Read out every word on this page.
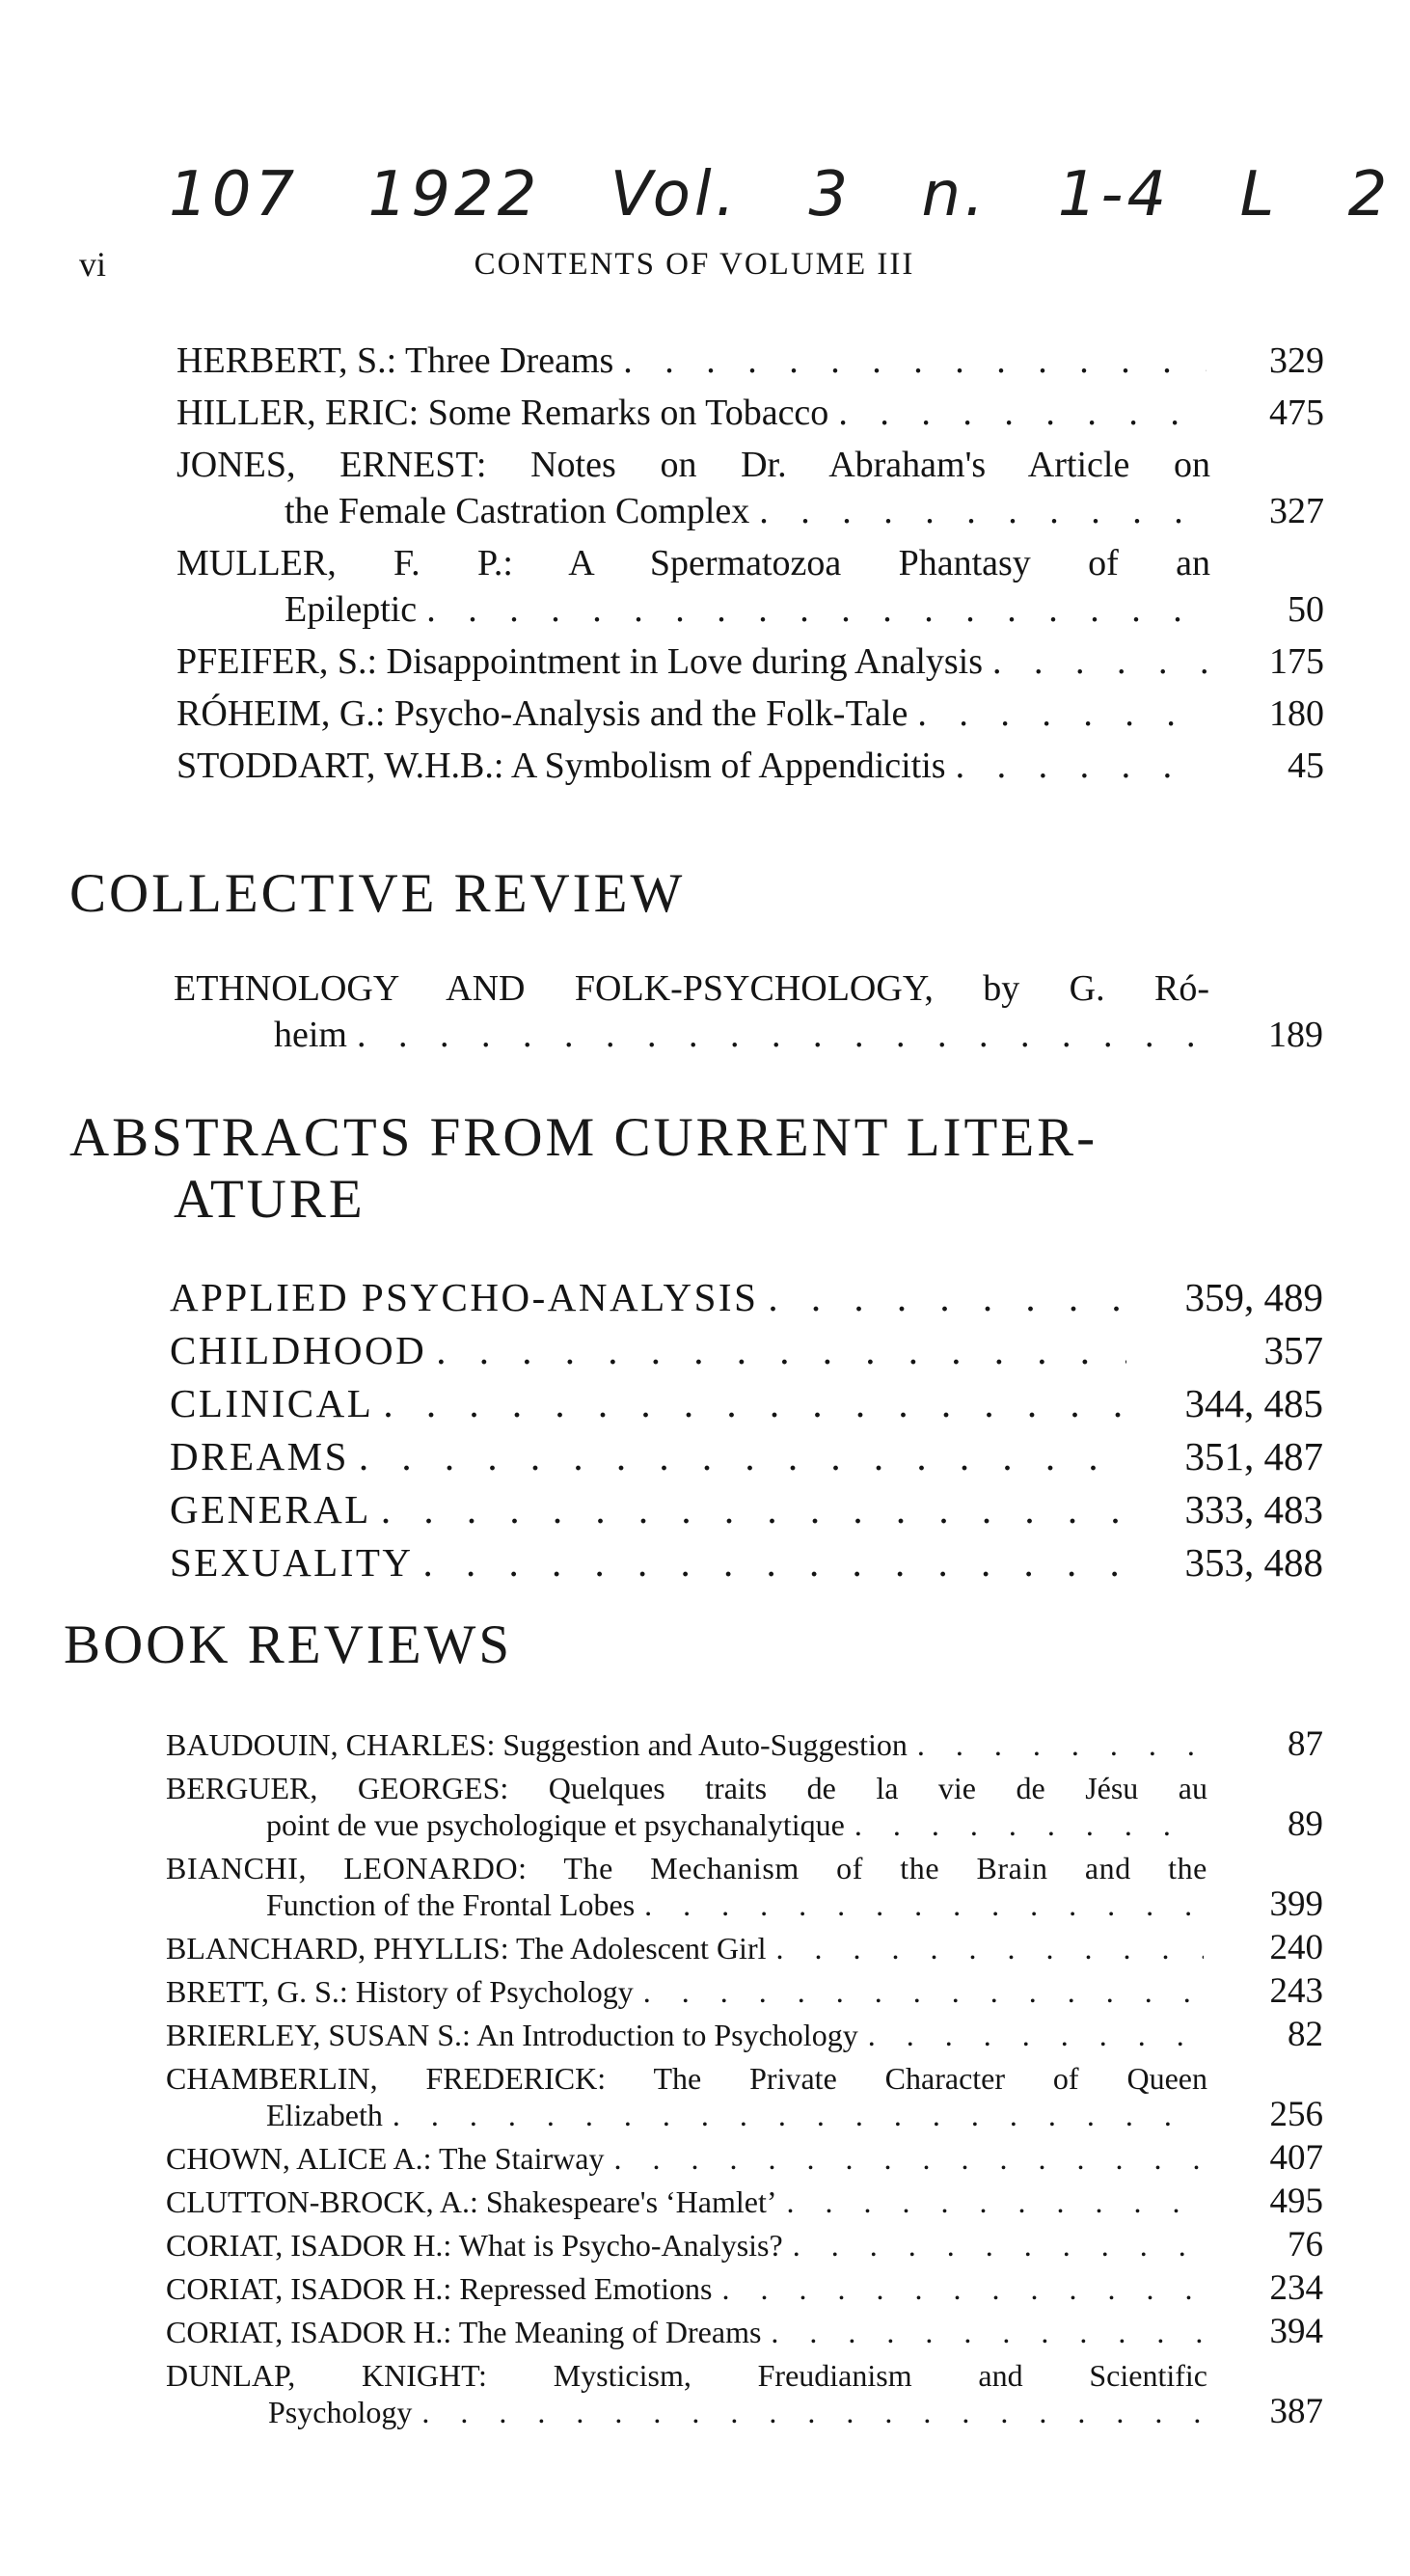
107 1922 Vol. 3 n. 1-4 L 2
vi	CONTENTS OF VOLUME III
HERBERT, S.: Three Dreams . . .	329
HILLER, ERIC: Some Remarks on Tobacco . . .	475
JONES, ERNEST: Notes on Dr. Abraham's Article on
the Female Castration Complex . . .	327
MULLER, F. P.: A Spermatozoa Phantasy of an
Epileptic . . .	50
PFEIFER, S.: Disappointment in Love during Analysis . . .	175
RÓHEIM, G.: Psycho-Analysis and the Folk-Tale . . .	180
STODDART, W.H.B.: A Symbolism of Appendicitis . . .	45
COLLECTIVE REVIEW
ETHNOLOGY AND FOLK-PSYCHOLOGY, by G. Ró-
heim . . .	189
ABSTRACTS FROM CURRENT LITER-
ATURE
APPLIED PSYCHO-ANALYSIS . . .	359, 489
CHILDHOOD . . .	357
CLINICAL . . .	344, 485
DREAMS . . .	351, 487
GENERAL . . .	333, 483
SEXUALITY . . .	353, 488
BOOK REVIEWS
BAUDOUIN, CHARLES: Suggestion and Auto-Suggestion . . .	87
BERGUER, GEORGES: Quelques traits de la vie de Jésu au
point de vue psychologique et psychanalytique . . .	89
BIANCHI, LEONARDO: The Mechanism of the Brain and the
Function of the Frontal Lobes . . .	399
BLANCHARD, PHYLLIS: The Adolescent Girl . . .	240
BRETT, G. S.: History of Psychology . . .	243
BRIERLEY, SUSAN S.: An Introduction to Psychology . . .	82
CHAMBERLIN, FREDERICK: The Private Character of Queen
Elizabeth . . .	256
CHOWN, ALICE A.: The Stairway . . .	407
CLUTTON-BROCK, A.: Shakespeare's ‘Hamlet’ . . .	495
CORIAT, ISADOR H.: What is Psycho-Analysis? . . .	76
CORIAT, ISADOR H.: Repressed Emotions . . .	234
CORIAT, ISADOR H.: The Meaning of Dreams . . .	394
DUNLAP, KNIGHT: Mysticism, Freudianism and Scientific
Psychology . . .	387
